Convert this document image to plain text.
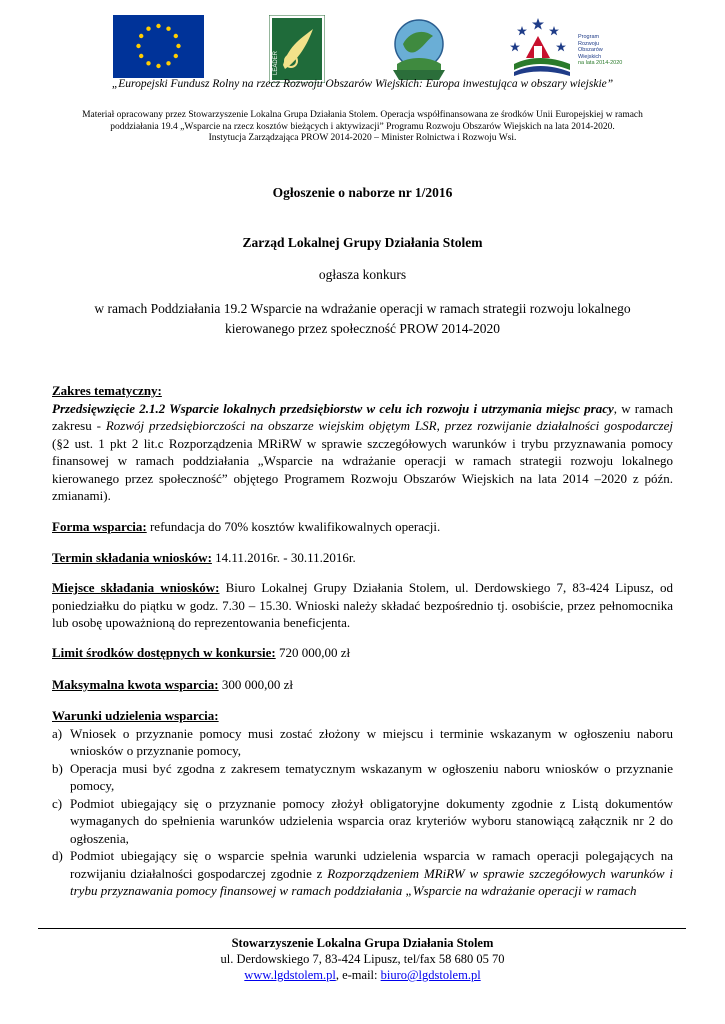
LEADER
Program
Rozwoju
Obszarów
Wiejskich
na lata 2014-2020
„Europejski Fundusz Rolny na rzecz Rozwoju Obszarów Wiejskich: Europa inwestująca w obszary wiejskie”
Materiał opracowany przez Stowarzyszenie Lokalna Grupa Działania Stolem. Operacja współfinansowana ze środków Unii Europejskiej w ramach
poddziałania 19.4 „Wsparcie na rzecz kosztów bieżących i aktywizacji” Programu Rozwoju Obszarów Wiejskich na lata 2014-2020.
Instytucja Zarządzająca PROW 2014-2020 – Minister Rolnictwa i Rozwoju Wsi.
Ogłoszenie o naborze nr 1/2016
Zarząd Lokalnej Grupy Działania Stolem
ogłasza konkurs
w ramach Poddziałania 19.2 Wsparcie na wdrażanie operacji w ramach strategii rozwoju lokalnego kierowanego przez społeczność PROW 2014-2020
Zakres tematyczny:
Przedsięwzięcie 2.1.2 Wsparcie lokalnych przedsiębiorstw w celu ich rozwoju i utrzymania miejsc pracy, w ramach zakresu - Rozwój przedsiębiorczości na obszarze wiejskim objętym LSR, przez rozwijanie działalności gospodarczej (§2 ust. 1 pkt 2 lit.c Rozporządzenia MRiRW w sprawie szczegółowych warunków i trybu przyznawania pomocy finansowej w ramach poddziałania „Wsparcie na wdrażanie operacji w ramach strategii rozwoju lokalnego kierowanego przez społeczność” objętego Programem Rozwoju Obszarów Wiejskich na lata 2014 –2020 z późn. zmianami).
Forma wsparcia: refundacja do 70% kosztów kwalifikowalnych operacji.
Termin składania wniosków: 14.11.2016r. - 30.11.2016r.
Miejsce składania wniosków: Biuro Lokalnej Grupy Działania Stolem, ul. Derdowskiego 7, 83-424 Lipusz, od poniedziałku do piątku w godz. 7.30 – 15.30. Wnioski należy składać bezpośrednio tj. osobiście, przez pełnomocnika lub osobę upoważnioną do reprezentowania beneficjenta.
Limit środków dostępnych w konkursie: 720 000,00 zł
Maksymalna kwota wsparcia: 300 000,00 zł
Warunki udzielenia wsparcia:
a) Wniosek o przyznanie pomocy musi zostać złożony w miejscu i terminie wskazanym w ogłoszeniu naboru wniosków o przyznanie pomocy,
b) Operacja musi być zgodna z zakresem tematycznym wskazanym w ogłoszeniu naboru wniosków o przyznanie pomocy,
c) Podmiot ubiegający się o przyznanie pomocy złożył obligatoryjne dokumenty zgodnie z Listą dokumentów wymaganych do spełnienia warunków udzielenia wsparcia oraz kryteriów wyboru stanowiącą załącznik nr 2 do ogłoszenia,
d) Podmiot ubiegający się o wsparcie spełnia warunki udzielenia wsparcia w ramach operacji polegających na rozwijaniu działalności gospodarczej zgodnie z Rozporządzeniem MRiRW w sprawie szczegółowych warunków i trybu przyznawania pomocy finansowej w ramach poddziałania „Wsparcie na wdrażanie operacji w ramach
Stowarzyszenie Lokalna Grupa Działania Stolem
ul. Derdowskiego 7, 83-424 Lipusz, tel/fax 58 680 05 70
www.lgdstolem.pl, e-mail: biuro@lgdstolem.pl
